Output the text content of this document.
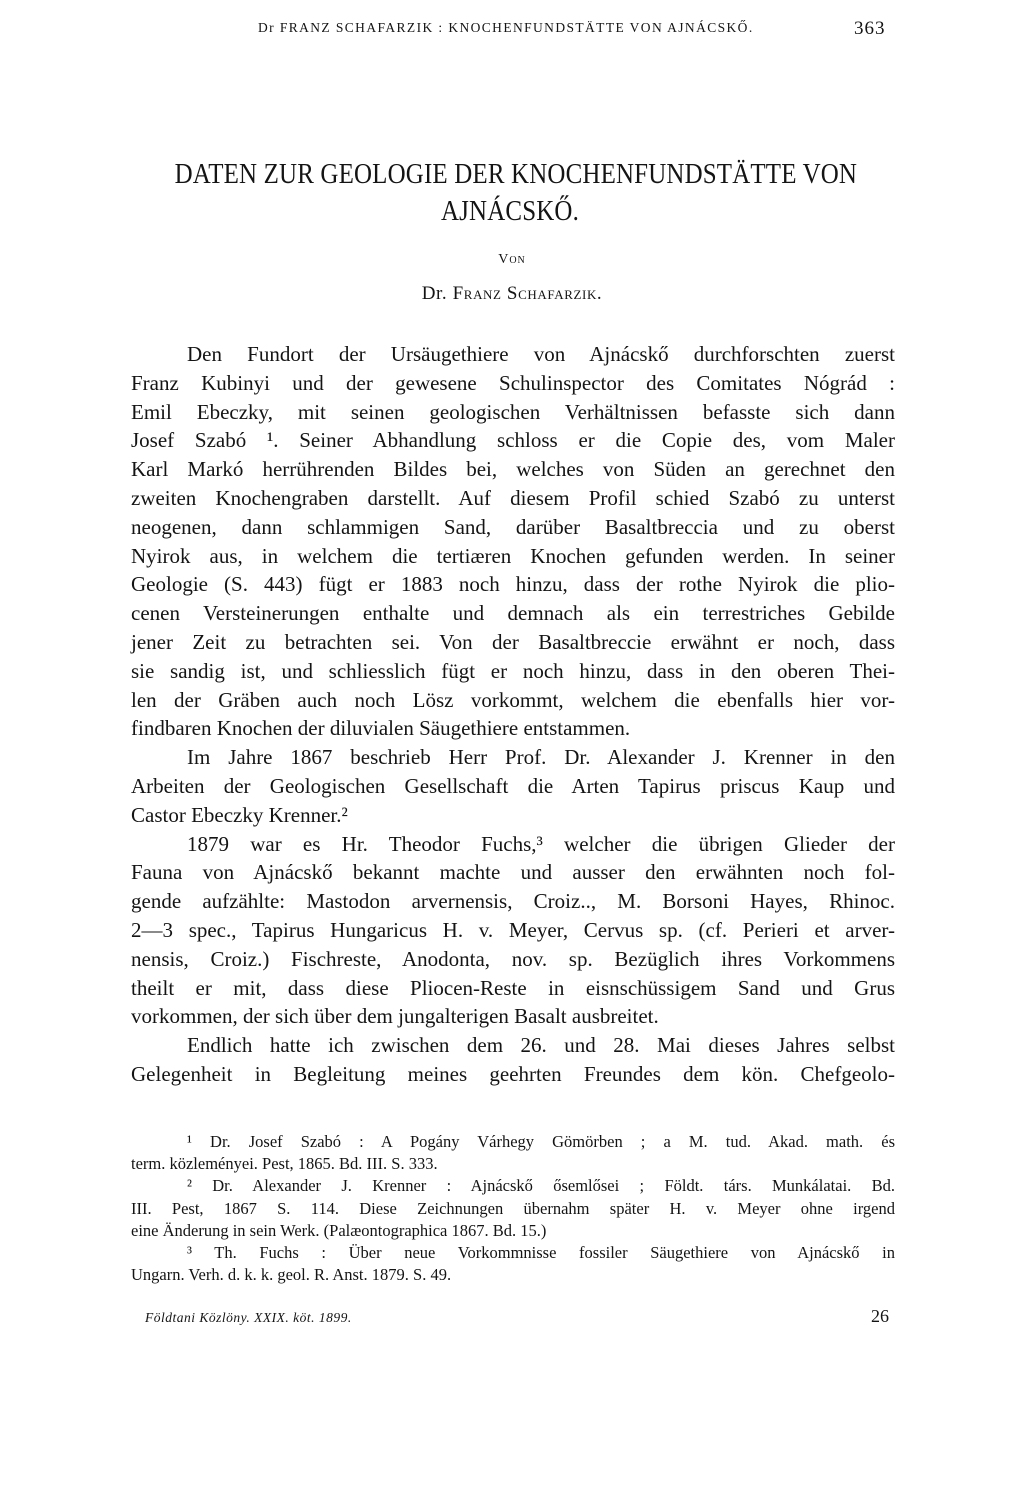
Dr FRANZ SCHAFARZIK : KNOCHENFUNDSTÄTTE VON AJNÁCSKŐ.	363
DATEN ZUR GEOLOGIE DER KNOCHENFUNDSTÄTTE VON
AJNÁCSKŐ.
Von
Dr. Franz Schafarzik.
Den Fundort der Ursäugethiere von Ajnácskő durchforschten zuerst
Franz Kubinyi und der gewesene Schulinspector des Comitates Nógrád :
Emil Ebeczky, mit seinen geologischen Verhältnissen befasste sich dann
Josef Szabó ¹. Seiner Abhandlung schloss er die Copie des, vom Maler
Karl Markó herrührenden Bildes bei, welches von Süden an gerechnet den
zweiten Knochengraben darstellt. Auf diesem Profil schied Szabó zu unterst
neogenen, dann schlammigen Sand, darüber Basaltbreccia und zu oberst
Nyirok aus, in welchem die tertiæren Knochen gefunden werden. In seiner
Geologie (S. 443) fügt er 1883 noch hinzu, dass der rothe Nyirok die plio-
cenen Versteinerungen enthalte und demnach als ein terrestriches Gebilde
jener Zeit zu betrachten sei. Von der Basaltbreccie erwähnt er noch, dass
sie sandig ist, und schliesslich fügt er noch hinzu, dass in den oberen Thei-
len der Gräben auch noch Lösz vorkommt, welchem die ebenfalls hier vor-
findbaren Knochen der diluvialen Säugethiere entstammen.
Im Jahre 1867 beschrieb Herr Prof. Dr. Alexander J. Krenner in den
Arbeiten der Geologischen Gesellschaft die Arten Tapirus priscus Kaup und
Castor Ebeczky Krenner.²
1879 war es Hr. Theodor Fuchs,³ welcher die übrigen Glieder der
Fauna von Ajnácskő bekannt machte und ausser den erwähnten noch fol-
gende aufzählte: Mastodon arvernensis, Croiz.., M. Borsoni Hayes, Rhinoc.
2—3 spec., Tapirus Hungaricus H. v. Meyer, Cervus sp. (cf. Perieri et arver-
nensis, Croiz.) Fischreste, Anodonta, nov. sp. Bezüglich ihres Vorkommens
theilt er mit, dass diese Pliocen-Reste in eisnschüssigem Sand und Grus
vorkommen, der sich über dem jungalterigen Basalt ausbreitet.
Endlich hatte ich zwischen dem 26. und 28. Mai dieses Jahres selbst
Gelegenheit in Begleitung meines geehrten Freundes dem kön. Chefgeolo-
¹ Dr. Josef Szabó : A Pogány Várhegy Gömörben ; a M. tud. Akad. math. és
term. közleményei. Pest, 1865. Bd. III. S. 333.
² Dr. Alexander J. Krenner : Ajnácskő ősemlősei ; Földt. társ. Munkálatai. Bd.
III. Pest, 1867 S. 114. Diese Zeichnungen übernahm später H. v. Meyer ohne irgend
eine Änderung in sein Werk. (Palæontographica 1867. Bd. 15.)
³ Th. Fuchs : Über neue Vorkommnisse fossiler Säugethiere von Ajnácskő in
Ungarn. Verh. d. k. k. geol. R. Anst. 1879. S. 49.
Földtani Közlöny. XXIX. köt. 1899.	26
